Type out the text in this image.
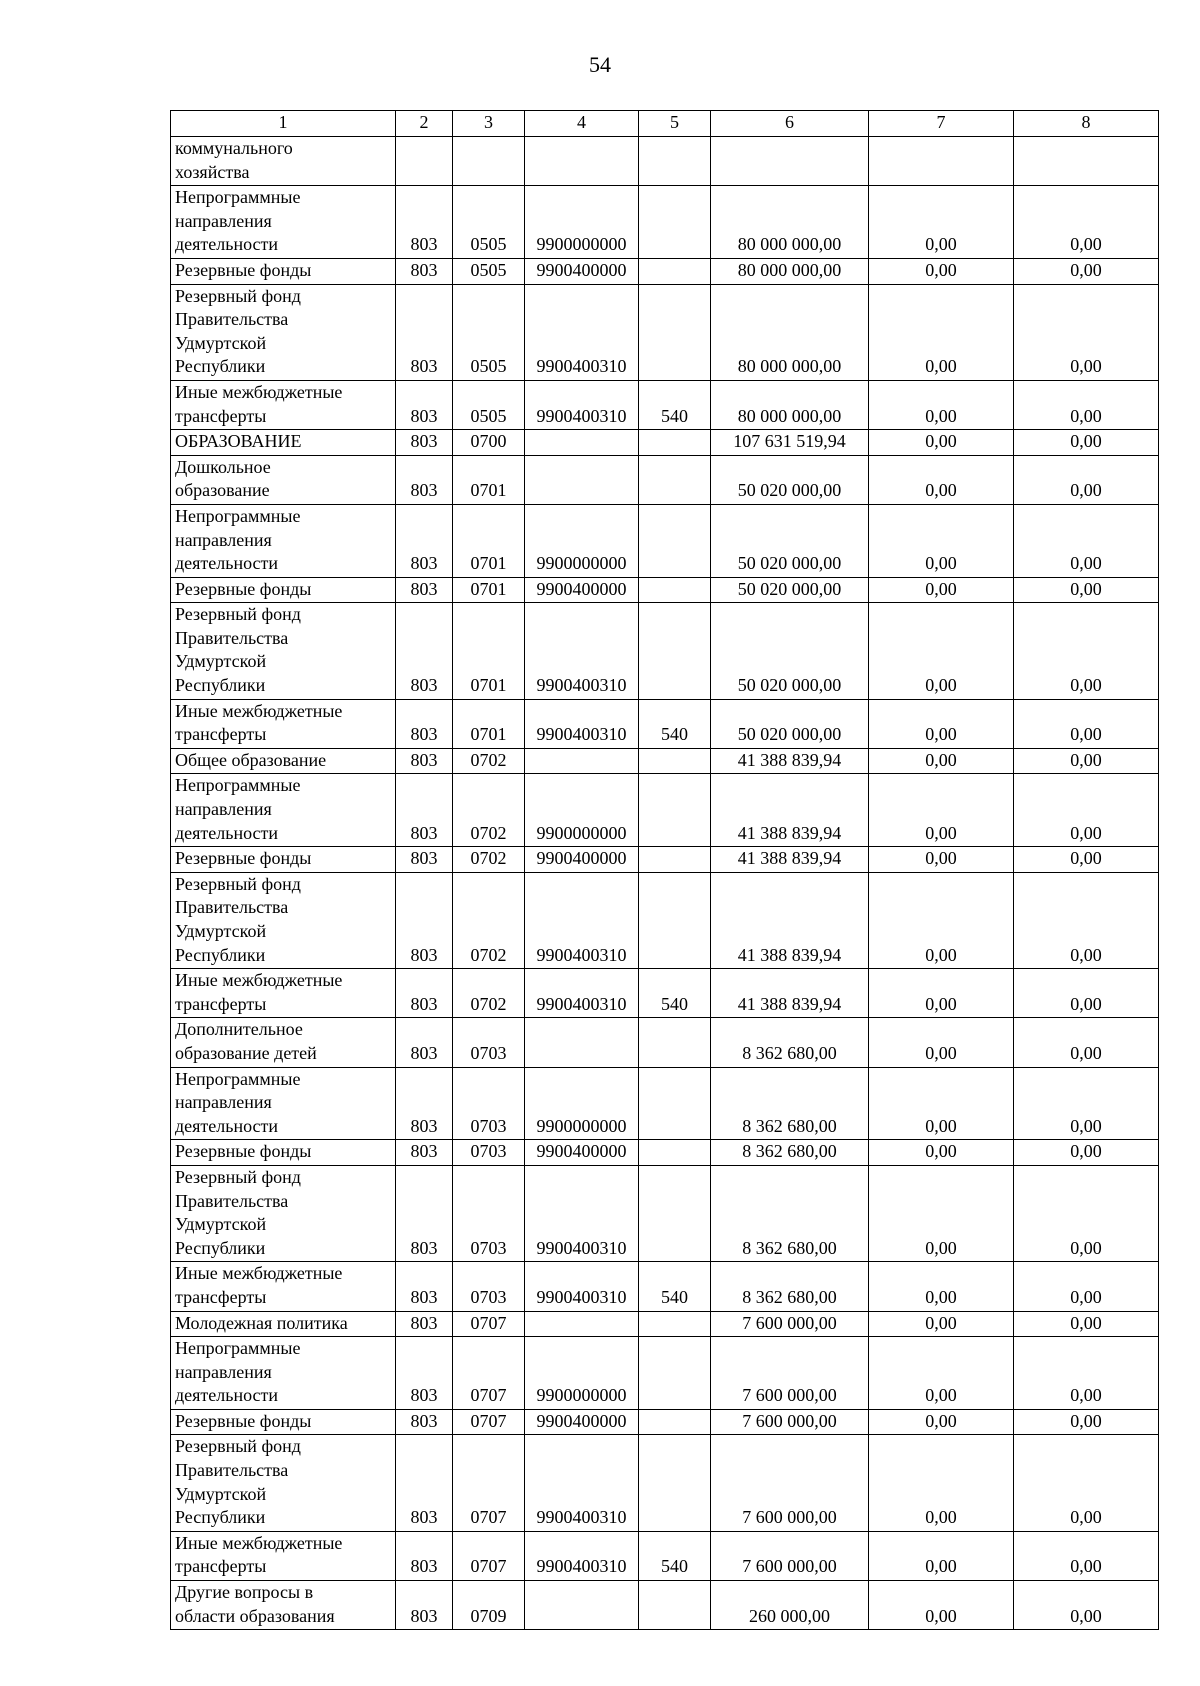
54
1	2	3	4	5	6	7	8
коммунального
хозяйства							
Непрограммные
направления
деятельности	803	0505	9900000000		80 000 000,00	0,00	0,00
Резервные фонды	803	0505	9900400000		80 000 000,00	0,00	0,00
Резервный фонд
Правительства
Удмуртской
Республики	803	0505	9900400310		80 000 000,00	0,00	0,00
Иные межбюджетные
трансферты	803	0505	9900400310	540	80 000 000,00	0,00	0,00
ОБРАЗОВАНИЕ	803	0700			107 631 519,94	0,00	0,00
Дошкольное
образование	803	0701			50 020 000,00	0,00	0,00
Непрограммные
направления
деятельности	803	0701	9900000000		50 020 000,00	0,00	0,00
Резервные фонды	803	0701	9900400000		50 020 000,00	0,00	0,00
Резервный фонд
Правительства
Удмуртской
Республики	803	0701	9900400310		50 020 000,00	0,00	0,00
Иные межбюджетные
трансферты	803	0701	9900400310	540	50 020 000,00	0,00	0,00
Общее образование	803	0702			41 388 839,94	0,00	0,00
Непрограммные
направления
деятельности	803	0702	9900000000		41 388 839,94	0,00	0,00
Резервные фонды	803	0702	9900400000		41 388 839,94	0,00	0,00
Резервный фонд
Правительства
Удмуртской
Республики	803	0702	9900400310		41 388 839,94	0,00	0,00
Иные межбюджетные
трансферты	803	0702	9900400310	540	41 388 839,94	0,00	0,00
Дополнительное
образование детей	803	0703			8 362 680,00	0,00	0,00
Непрограммные
направления
деятельности	803	0703	9900000000		8 362 680,00	0,00	0,00
Резервные фонды	803	0703	9900400000		8 362 680,00	0,00	0,00
Резервный фонд
Правительства
Удмуртской
Республики	803	0703	9900400310		8 362 680,00	0,00	0,00
Иные межбюджетные
трансферты	803	0703	9900400310	540	8 362 680,00	0,00	0,00
Молодежная политика	803	0707			7 600 000,00	0,00	0,00
Непрограммные
направления
деятельности	803	0707	9900000000		7 600 000,00	0,00	0,00
Резервные фонды	803	0707	9900400000		7 600 000,00	0,00	0,00
Резервный фонд
Правительства
Удмуртской
Республики	803	0707	9900400310		7 600 000,00	0,00	0,00
Иные межбюджетные
трансферты	803	0707	9900400310	540	7 600 000,00	0,00	0,00
Другие вопросы в
области образования	803	0709			260 000,00	0,00	0,00
